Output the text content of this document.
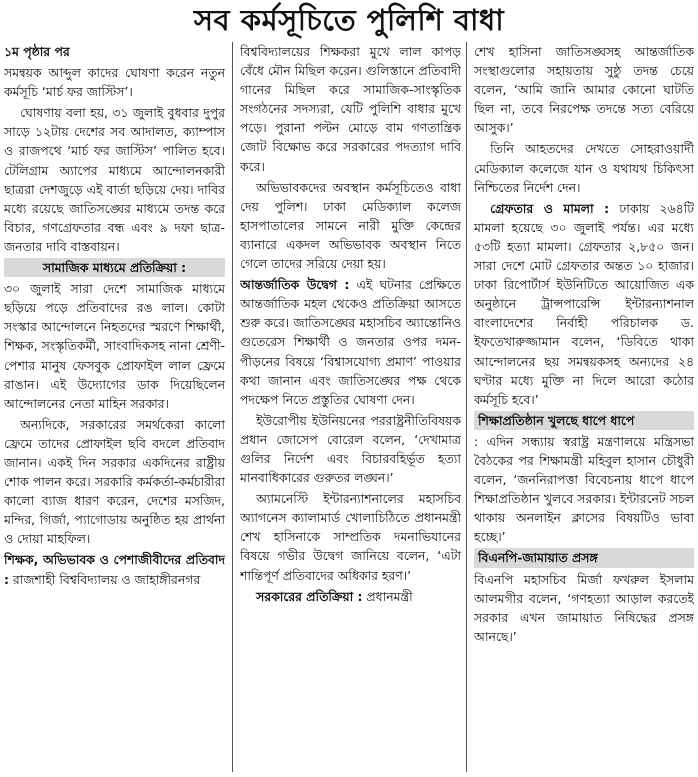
সব কর্মসূচিতে পুলিশি বাধা

১ম পৃষ্ঠার পর

সমন্বয়ক আব্দুল কাদের ঘোষণা করেন নতুন কর্মসূচি ‘মার্চ ফর জাস্টিস’।

ঘোষণায় বলা হয়, ৩১ জুলাই বুধবার দুপুর সাড়ে ১২টায় দেশের সব আদালত, ক্যাম্পাস ও রাজপথে ‘মার্চ ফর জাস্টিস’ পালিত হবে। টেলিগ্রাম অ্যাপের মাধ্যমে আন্দোলনকারী ছাত্ররা দেশজুড়ে এই বার্তা ছড়িয়ে দেয়। দাবির মধ্যে রয়েছে জাতিসঙ্ঘের মাধ্যমে তদন্ত করে বিচার, গণগ্রেফতার বন্ধ এবং ৯ দফা ছাত্র-জনতার দাবি বাস্তবায়ন।

সামাজিক মাধ্যমে প্রতিক্রিয়া :

৩০ জুলাই সারা দেশে সামাজিক মাধ্যমে ছড়িয়ে পড়ে প্রতিবাদের রঙ লাল। কোটা সংস্কার আন্দোলনে নিহতদের স্মরণে শিক্ষার্থী, শিক্ষক, সংস্কৃতিকর্মী, সাংবাদিকসহ নানা শ্রেণী-পেশার মানুষ ফেসবুক প্রোফাইল লাল ফ্রেমে রাঙান। এই উদ্যোগের ডাক দিয়েছিলেন আন্দোলনের নেতা মাহিন সরকার।

অন্যদিকে, সরকারের সমর্থকেরা কালো ফ্রেমে তাদের প্রোফাইল ছবি বদলে প্রতিবাদ জানান। একই দিন সরকার একদিনের রাষ্ট্রীয় শোক পালন করে। সরকারি কর্মকর্তা-কর্মচারীরা কালো ব্যাজ ধারণ করেন, দেশের মসজিদ, মন্দির, গির্জা, প্যাগোডায় অনুষ্ঠিত হয় প্রার্থনা ও দোয়া মাহফিল।

শিক্ষক, অভিভাবক ও পেশাজীবীদের প্রতিবাদ : রাজশাহী বিশ্ববিদ্যালয় ও জাহাঙ্গীরনগর

বিশ্ববিদ্যালয়ের শিক্ষকরা মুখে লাল কাপড় বেঁধে মৌন মিছিল করেন। গুলিস্তানে প্রতিবাদী গানের মিছিল করে সামাজিক-সাংস্কৃতিক সংগঠনের সদস্যরা, যেটি পুলিশি বাধার মুখে পড়ে। পুরানা পল্টন মোড়ে বাম গণতান্ত্রিক জোট বিক্ষোভ করে সরকারের পদত্যাগ দাবি করে।

অভিভাবকদের অবস্থান কর্মসূচিতেও বাধা দেয় পুলিশ। ঢাকা মেডিক্যাল কলেজ হাসপাতালের সামনে নারী মুক্তি কেন্দ্রের ব্যানারে একদল অভিভাবক অবস্থান নিতে গেলে তাদের সরিয়ে দেয়া হয়।

আন্তর্জাতিক উদ্বেগ : এই ঘটনার প্রেক্ষিতে আন্তর্জাতিক মহল থেকেও প্রতিক্রিয়া আসতে শুরু করে। জাতিসঙ্ঘের মহাসচিব অ্যান্তোনিও গুতেরেস শিক্ষার্থী ও জনতার ওপর দমন-পীড়নের বিষয়ে ‘বিশ্বাসযোগ্য প্রমাণ’ পাওয়ার কথা জানান এবং জাতিসঙ্ঘের পক্ষ থেকে পদক্ষেপ নিতে প্রস্তুতির ঘোষণা দেন।

ইউরোপীয় ইউনিয়নের পররাষ্ট্রনীতিবিষয়ক প্রধান জোসেপ বোরেল বলেন, ‘দেখামাত্র গুলির নির্দেশ এবং বিচারবহির্ভূত হত্যা মানবাধিকারের গুরুতর লঙ্ঘন।’

অ্যামনেস্টি ইন্টারন্যাশনালের মহাসচিব অ্যাগনেস ক্যালামার্ড খোলাচিঠিতে প্রধানমন্ত্রী শেখ হাসিনাকে সাম্প্রতিক দমনাভিযানের বিষয়ে গভীর উদ্বেগ জানিয়ে বলেন, ‘এটা শান্তিপূর্ণ প্রতিবাদের অধিকার হরণ।’

সরকারের প্রতিক্রিয়া : প্রধানমন্ত্রী

শেখ হাসিনা জাতিসঙ্ঘসহ আন্তর্জাতিক সংস্থাগুলোর সহায়তায় সুষ্ঠু তদন্ত চেয়ে বলেন, ‘আমি জানি আমার কোনো ঘাটতি ছিল না, তবে নিরপেক্ষ তদন্তে সত্য বেরিয়ে আসুক।’

তিনি আহতদের দেখতে সোহরাওয়ার্দী মেডিক্যাল কলেজে যান ও যথাযথ চিকিৎসা নিশ্চিতের নির্দেশ দেন।

গ্রেফতার ও মামলা : ঢাকায় ২৬৪টি মামলা হয়েছে ৩০ জুলাই পর্যন্ত। এর মধ্যে ৫৩টি হত্যা মামলা। গ্রেফতার ২,৮৫০ জন। সারা দেশে মোট গ্রেফতার অন্তত ১০ হাজার। ঢাকা রিপোর্টার্স ইউনিটিতে আয়োজিত এক অনুষ্ঠানে ট্রান্সপারেন্সি ইন্টারন্যাশনাল বাংলাদেশের নির্বাহী পরিচালক ড. ইফতেখারুজ্জামান বলেন, ‘ডিবিতে থাকা আন্দোলনের ছয় সমন্বয়কসহ অন্যদের ২৪ ঘণ্টার মধ্যে মুক্তি না দিলে আরো কঠোর কর্মসূচি হবে।’

শিক্ষাপ্রতিষ্ঠান খুলছে ধাপে ধাপে

: এদিন সন্ধ্যায় স্বরাষ্ট্র মন্ত্রণালয়ে মন্ত্রিসভা বৈঠকের পর শিক্ষামন্ত্রী মহিবুল হাসান চৌধুরী বলেন, ‘জননিরাপত্তা বিবেচনায় ধাপে ধাপে শিক্ষাপ্রতিষ্ঠান খুলবে সরকার। ইন্টারনেট সচল থাকায় অনলাইন ক্লাসের বিষয়টিও ভাবা হচ্ছে।’

বিএনপি-জামায়াত প্রসঙ্গ

বিএনপি মহাসচিব মির্জা ফখরুল ইসলাম আলমগীর বলেন, ‘গণহত্যা আড়াল করতেই সরকার এখন জামায়াত নিষিদ্ধের প্রসঙ্গ আনছে।’
